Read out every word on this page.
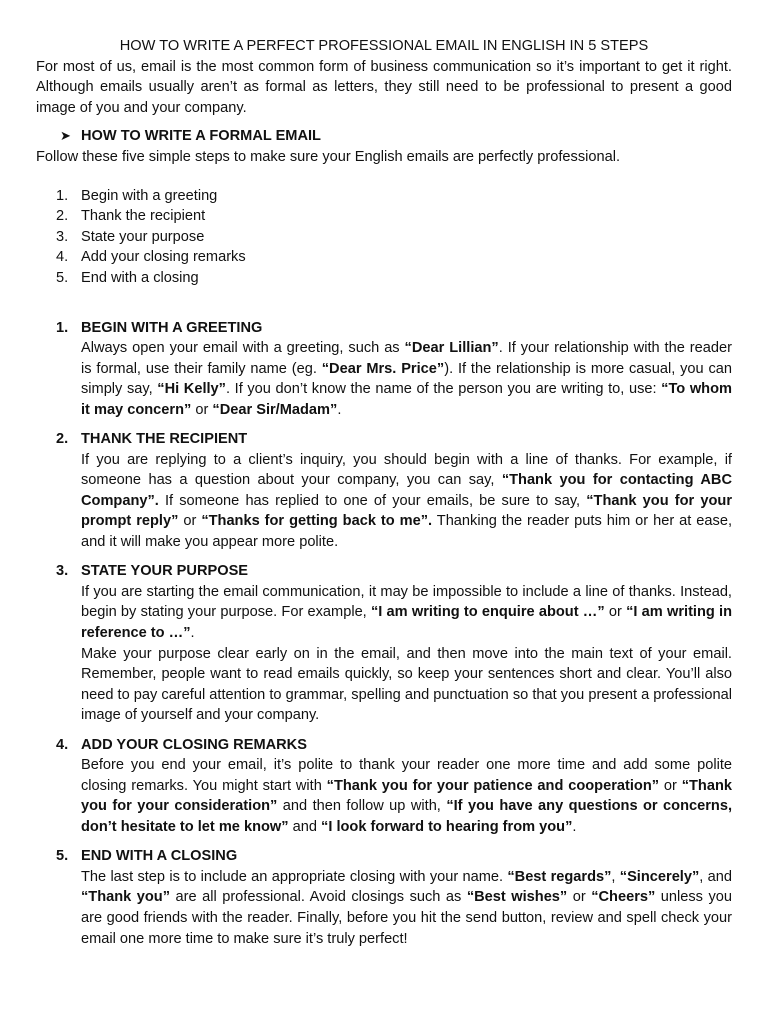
HOW TO WRITE A PERFECT PROFESSIONAL EMAIL IN ENGLISH IN 5 STEPS

For most of us, email is the most common form of business communication so it’s important to get it right. Although emails usually aren’t as formal as letters, they still need to be professional to present a good image of you and your company.

➤ HOW TO WRITE A FORMAL EMAIL

Follow these five simple steps to make sure your English emails are perfectly professional.

1. Begin with a greeting
2. Thank the recipient
3. State your purpose
4. Add your closing remarks
5. End with a closing
1. BEGIN WITH A GREETING

Always open your email with a greeting, such as “Dear Lillian”. If your relationship with the reader is formal, use their family name (eg. “Dear Mrs. Price”). If the relationship is more casual, you can simply say, “Hi Kelly”. If you don’t know the name of the person you are writing to, use: “To whom it may concern” or “Dear Sir/Madam”.

2. THANK THE RECIPIENT

If you are replying to a client’s inquiry, you should begin with a line of thanks. For example, if someone has a question about your company, you can say, “Thank you for contacting ABC Company”. If someone has replied to one of your emails, be sure to say, “Thank you for your prompt reply” or “Thanks for getting back to me”. Thanking the reader puts him or her at ease, and it will make you appear more polite.

3. STATE YOUR PURPOSE

If you are starting the email communication, it may be impossible to include a line of thanks. Instead, begin by stating your purpose. For example, “I am writing to enquire about …” or “I am writing in reference to …”.

Make your purpose clear early on in the email, and then move into the main text of your email. Remember, people want to read emails quickly, so keep your sentences short and clear. You’ll also need to pay careful attention to grammar, spelling and punctuation so that you present a professional image of yourself and your company.

4. ADD YOUR CLOSING REMARKS

Before you end your email, it’s polite to thank your reader one more time and add some polite closing remarks. You might start with “Thank you for your patience and cooperation” or “Thank you for your consideration” and then follow up with, “If you have any questions or concerns, don’t hesitate to let me know” and “I look forward to hearing from you”.

5. END WITH A CLOSING

The last step is to include an appropriate closing with your name. “Best regards”, “Sincerely”, and “Thank you” are all professional. Avoid closings such as “Best wishes” or “Cheers” unless you are good friends with the reader. Finally, before you hit the send button, review and spell check your email one more time to make sure it’s truly perfect!
